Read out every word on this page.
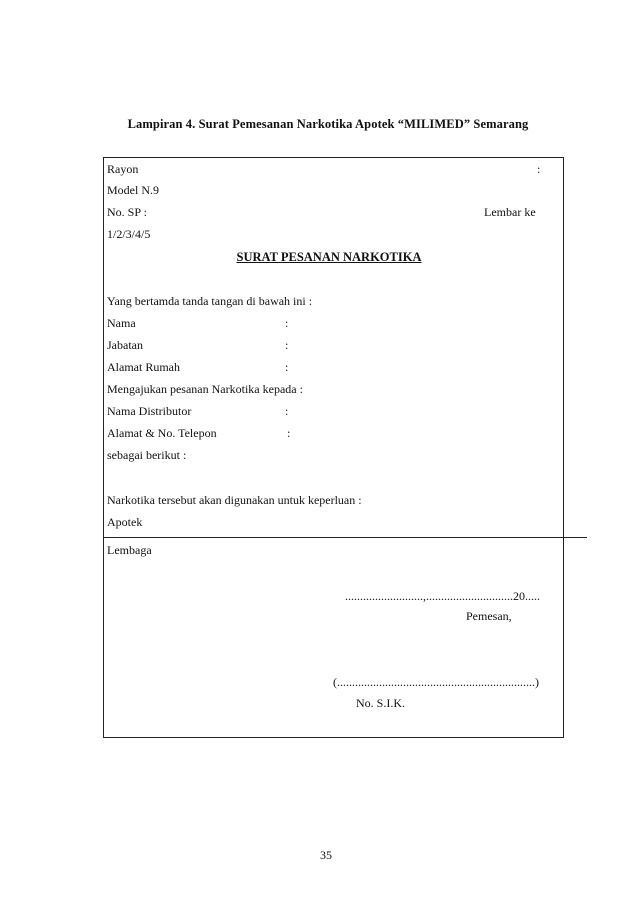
Lampiran 4. Surat Pemesanan Narkotika Apotek “MILIMED” Semarang
Rayon	:
Model N.9
No. SP :	Lembar ke
1/2/3/4/5
SURAT PESANAN NARKOTIKA
Yang bertamda tanda tangan di bawah ini :
Nama	:
Jabatan	:
Alamat Rumah	:
Mengajukan pesanan Narkotika kepada :
Nama Distributor	:
Alamat & No. Telepon	:
sebagai berikut :
Narkotika tersebut akan digunakan untuk keperluan :
Apotek
Lembaga
..........................,.............................20.....
Pemesan,
(..................................................................)
No. S.I.K.
35
